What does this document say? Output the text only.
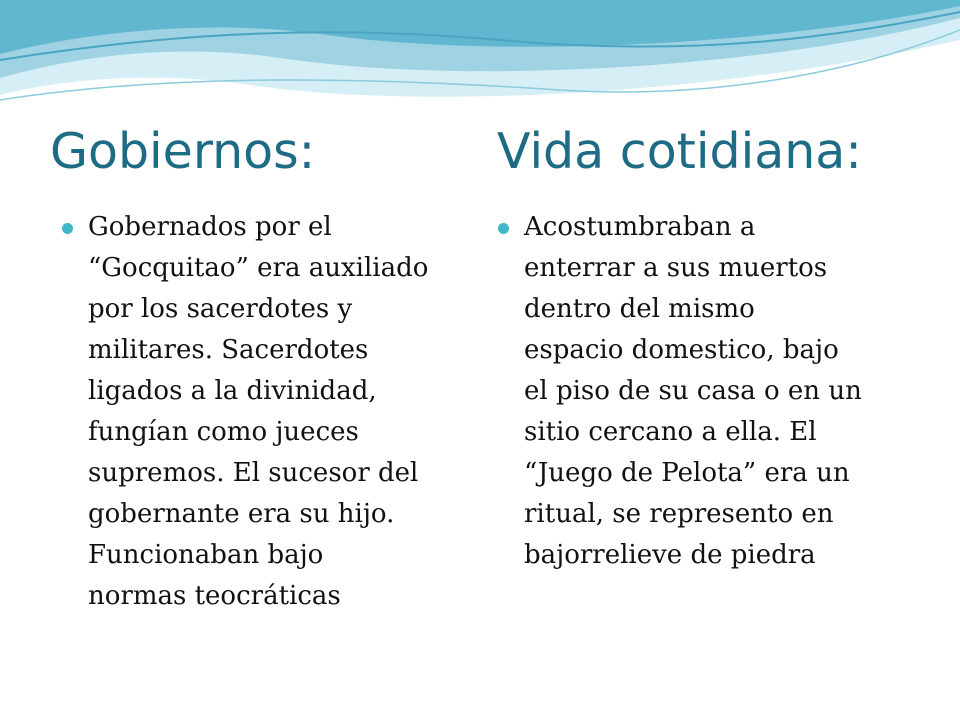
Gobiernos:	Vida cotidiana:

Gobernados por el
“Gocquitao” era auxiliado
por los sacerdotes y
militares. Sacerdotes
ligados a la divinidad,
fungían como jueces
supremos. El sucesor del
gobernante era su hijo.
Funcionaban bajo
normas teocráticas

Acostumbraban a
enterrar a sus muertos
dentro del mismo
espacio domestico, bajo
el piso de su casa o en un
sitio cercano a ella. El
“Juego de Pelota” era un
ritual, se represento en
bajorrelieve de piedra
